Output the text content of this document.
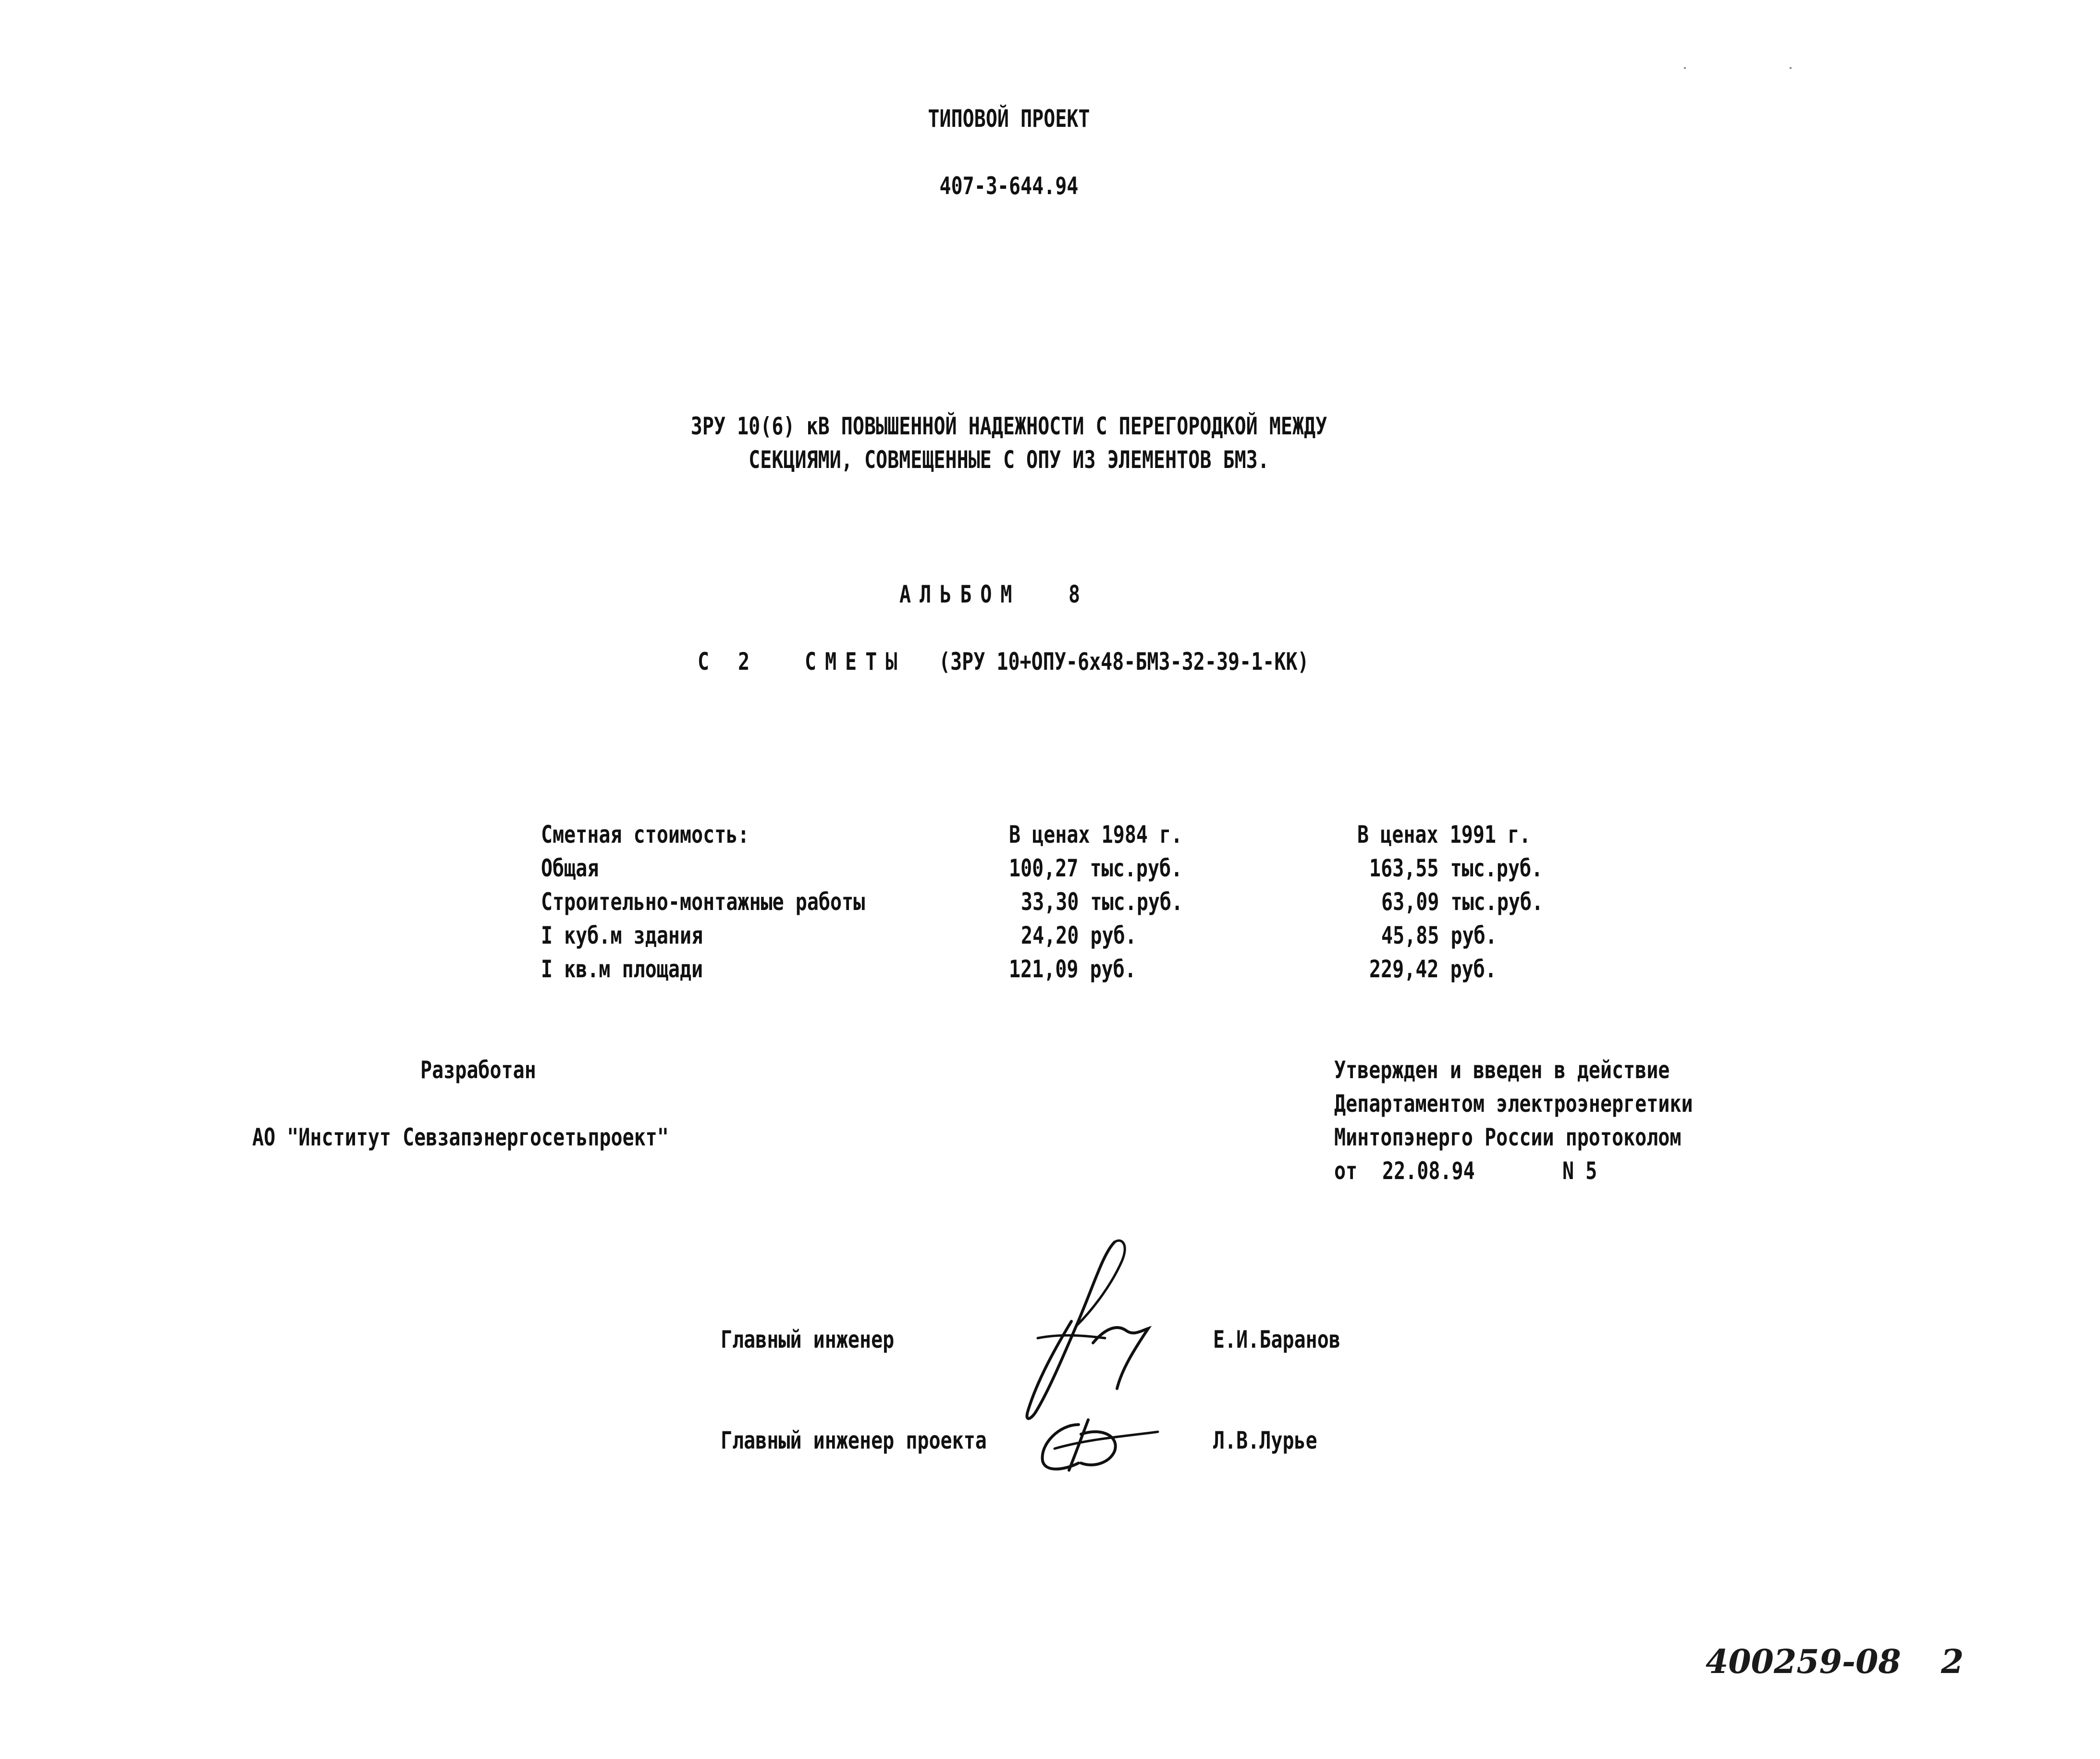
ТИПОВОЙ ПРОЕКТ
407-3-644.94
ЗРУ 10(6) кВ ПОВЫШЕННОЙ НАДЕЖНОСТИ С ПЕРЕГОРОДКОЙ МЕЖДУ
СЕКЦИЯМИ, СОВМЕЩЕННЫЕ С ОПУ ИЗ ЭЛЕМЕНТОВ БМЗ.
АЛЬБОМ 8
С 2 СМЕТЫ (ЗРУ 10+ОПУ-6х48-БМЗ-32-39-1-КК)
Сметная стоимость:	В ценах 1984 г.	В ценах 1991 г.
Общая	100,27 тыс.руб.	163,55 тыс.руб.
Строительно-монтажные работы	33,30 тыс.руб.	63,09 тыс.руб.
I куб.м здания	24,20 руб.	45,85 руб.
I кв.м площади	121,09 руб.	229,42 руб.
Разработан
АО "Институт Севзапэнергосетьпроект"
Утвержден и введен в действие
Департаментом электроэнергетики
Минтопэнерго России протоколом
от 22.08.94	N 5
Главный инженер	Е.И.Баранов
Главный инженер проекта	Л.В.Лурье
400259-08 2
